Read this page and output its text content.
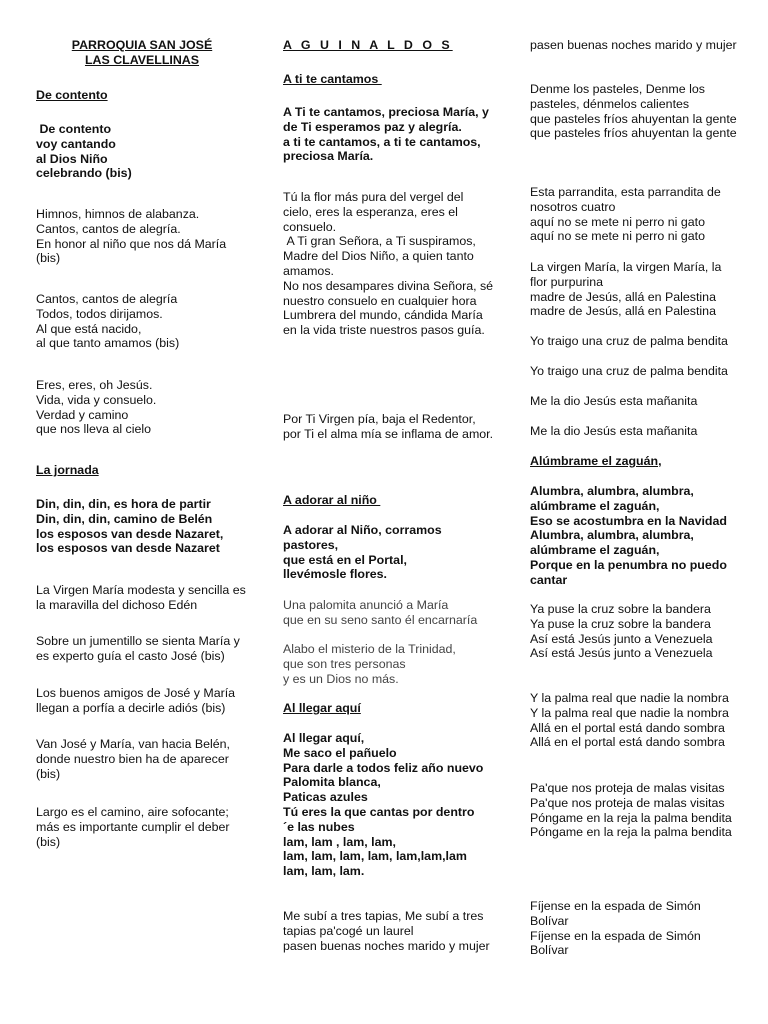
PARROQUIA SAN JOSÉ
LAS CLAVELLINAS

De contento

De contento
voy cantando
al Dios Niño
celebrando (bis)

Himnos, himnos de alabanza.
Cantos, cantos de alegría.
En honor al niño que nos dá María (bis)

Cantos, cantos de alegría
Todos, todos dirijamos.
Al que está nacido,
al que tanto amamos (bis)

Eres, eres, oh Jesús.
Vida, vida y consuelo.
Verdad y camino
que nos lleva al cielo

La jornada

Din, din, din, es hora de partir
Din, din, din, camino de Belén
los esposos van desde Nazaret,
los esposos van desde Nazaret

La Virgen María modesta y sencilla es la maravilla del dichoso Edén

Sobre un jumentillo se sienta María y es experto guía el casto José (bis)

Los buenos amigos de José y María llegan a porfía a decirle adiós (bis)

Van José y María, van hacia Belén, donde nuestro bien ha de aparecer (bis)

Largo es el camino, aire sofocante; más es importante cumplir el deber (bis)

A G U I N A L D O S

A ti te cantamos

A Ti te cantamos, preciosa María, y de Ti esperamos paz y alegría.
a ti te cantamos, a ti te cantamos, preciosa María.

Tú la flor más pura del vergel del cielo, eres la esperanza, eres el consuelo.
A Ti gran Señora, a Ti suspiramos, Madre del Dios Niño, a quien tanto amamos.
No nos desampares divina Señora, sé nuestro consuelo en cualquier hora
Lumbrera del mundo, cándida María en la vida triste nuestros pasos guía.

Por Ti Virgen pía, baja el Redentor, por Ti el alma mía se inflama de amor.

A adorar al niño

A adorar al Niño, corramos pastores,
que está en el Portal,
llevémosle flores.

Una palomita anunció a María
que en su seno santo él encarnaría

Alabo el misterio de la Trinidad,
que son tres personas
y es un Dios no más.

Al llegar aquí

Al llegar aquí,
Me saco el pañuelo
Para darle a todos feliz año nuevo
Palomita blanca,
Paticas azules
Tú eres la que cantas por dentro
´e las nubes
lam, lam , lam, lam,
lam, lam, lam, lam, lam,lam,lam
lam, lam, lam.

Me subí a tres tapias, Me subí a tres tapias pa'cogé un laurel
pasen buenas noches marido y mujer

pasen buenas noches marido y mujer

Denme los pasteles, Denme los pasteles, dénmelos calientes
que pasteles fríos ahuyentan la gente
que pasteles fríos ahuyentan la gente

Esta parrandita, esta parrandita de nosotros cuatro
aquí no se mete ni perro ni gato
aquí no se mete ni perro ni gato

La virgen María, la virgen María, la flor purpurina
madre de Jesús, allá en Palestina
madre de Jesús, allá en Palestina

Yo traigo una cruz de palma bendita

Yo traigo una cruz de palma bendita

Me la dio Jesús esta mañanita

Me la dio Jesús esta mañanita

Alúmbrame el zaguán,

Alumbra, alumbra, alumbra, alúmbrame el zaguán,
Eso se acostumbra en la Navidad
Alumbra, alumbra, alumbra, alúmbrame el zaguán,
Porque en la penumbra no puedo cantar

Ya puse la cruz sobre la bandera
Ya puse la cruz sobre la bandera
Así está Jesús junto a Venezuela
Así está Jesús junto a Venezuela

Y la palma real que nadie la nombra
Y la palma real que nadie la nombra
Allá en el portal está dando sombra
Allá en el portal está dando sombra

Pa'que nos proteja de malas visitas
Pa'que nos proteja de malas visitas
Póngame en la reja la palma bendita
Póngame en la reja la palma bendita

Fíjense en la espada de Simón Bolívar
Fíjense en la espada de Simón Bolívar
